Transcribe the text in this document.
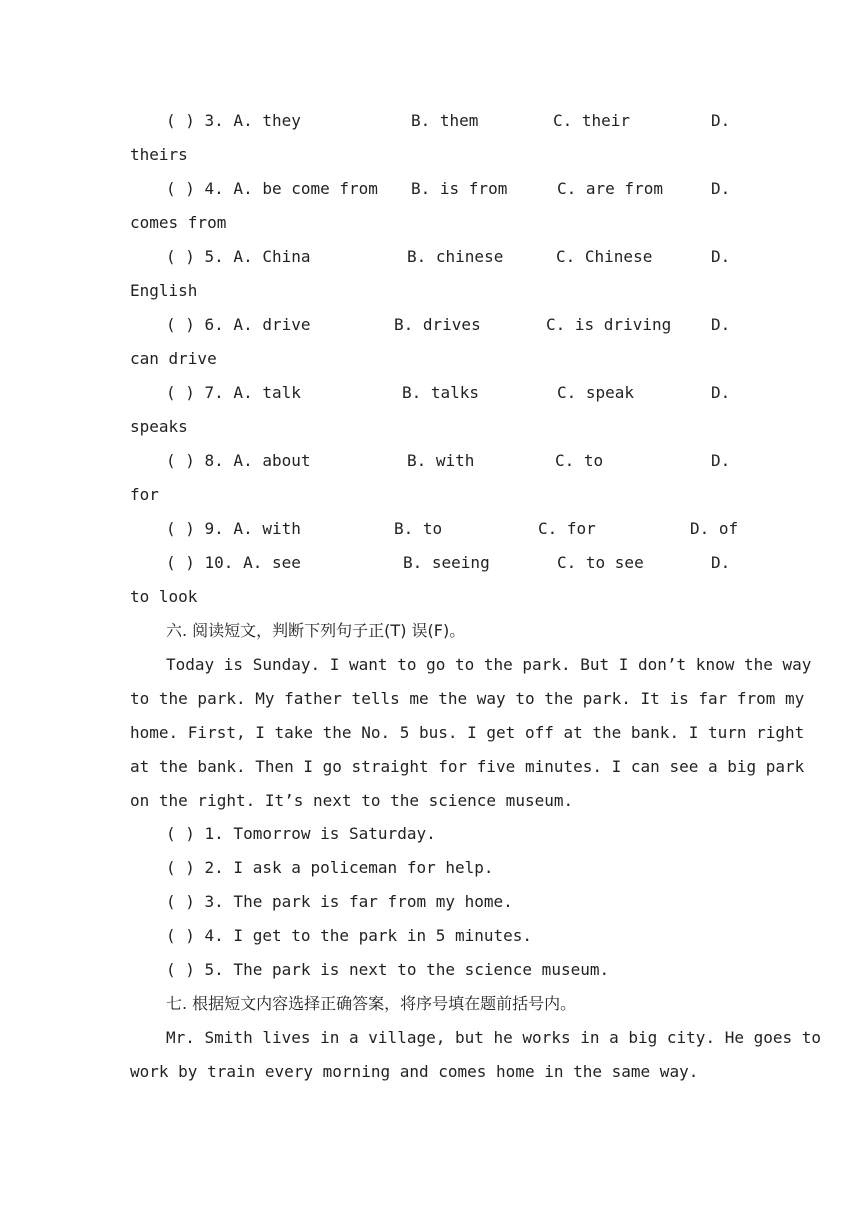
( ) 3. A. they

	B. them

	C. their

	D.

theirs

( ) 4. A. be come from

B. is from

	C. are from

	D.

comes from

( ) 5. A. China

	B. chinese

	C. Chinese

	D.

English

( ) 6. A. drive

	B. drives

	C. is driving

D.

can drive

( ) 7. A. talk

	B. talks

	C. speak

	D.

speaks

( ) 8. A. about

	B. with

	C. to

	D.

for

( ) 9. A. with

	B. to

	C. for

	D. of

( ) 10. A. see

	B. seeing

	C. to see

	D.

to look
六. 阅读短文，判断下列句子正(T) 误(F)。
Today is Sunday. I want to go to the park. But I don’t know the way
to the park. My father tells me the way to the park. It is far from my
home. First, I take the No. 5 bus. I get off at the bank. I turn right
at the bank. Then I go straight for five minutes. I can see a big park
on the right. It’s next to the science museum.
( ) 1. Tomorrow is Saturday.
( ) 2. I ask a policeman for help.
( ) 3. The park is far from my home.
( ) 4. I get to the park in 5 minutes.
( ) 5. The park is next to the science museum.
七. 根据短文内容选择正确答案，将序号填在题前括号内。
Mr. Smith lives in a village, but he works in a big city. He goes to
work by train every morning and comes home in the same way.
